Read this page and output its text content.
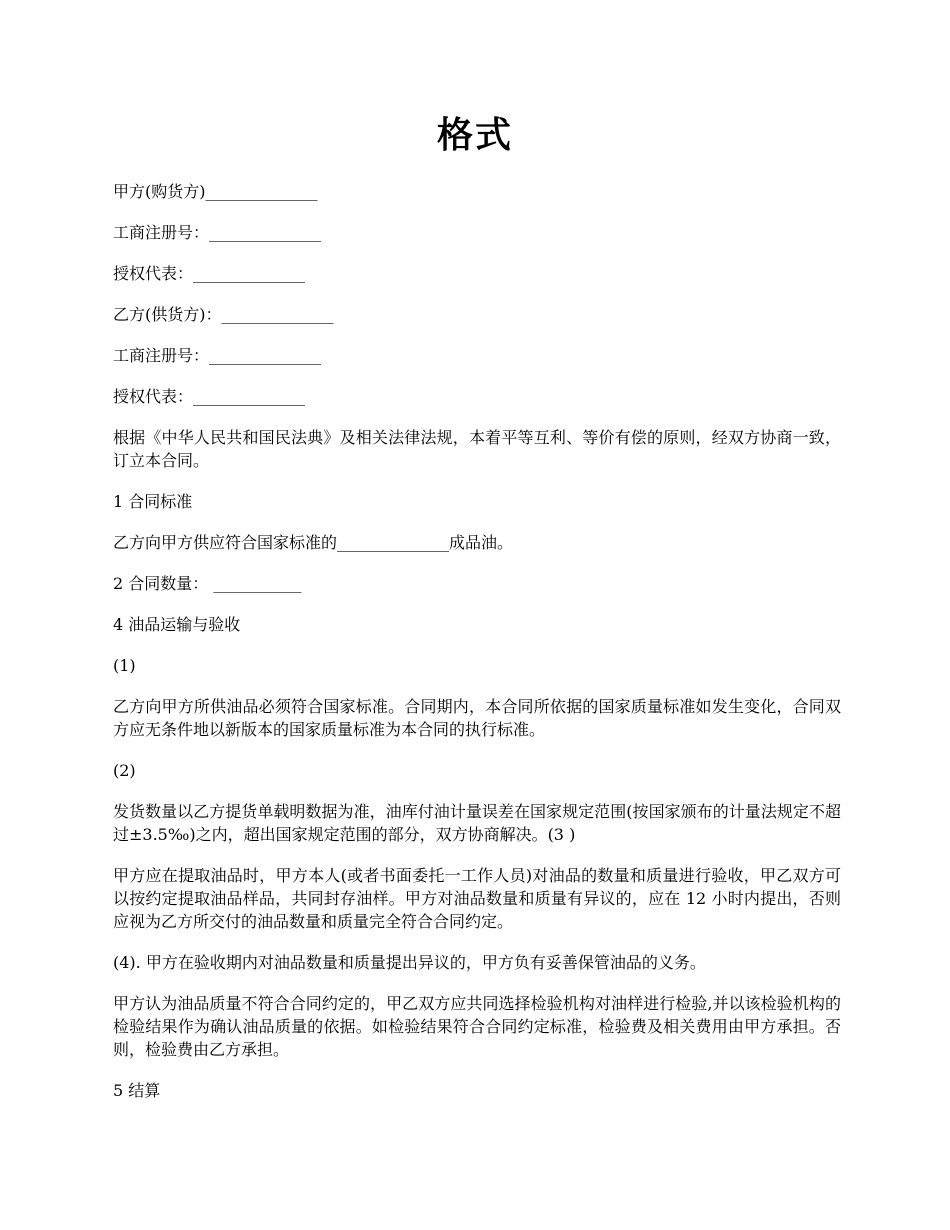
格式

甲方(购货方)______________

工商注册号：______________

授权代表：______________

乙方(供货方)：______________

工商注册号：______________

授权代表：______________

根据《中华人民共和国民法典》及相关法律法规，本着平等互利、等价有偿的原则，经双方协商一致，订立本合同。

1 合同标准

乙方向甲方供应符合国家标准的______________成品油。

2 合同数量： ___________

4 油品运输与验收

(1)

乙方向甲方所供油品必须符合国家标准。合同期内，本合同所依据的国家质量标准如发生变化，合同双方应无条件地以新版本的国家质量标准为本合同的执行标准。

(2)

发货数量以乙方提货单载明数据为准，油库付油计量误差在国家规定范围(按国家颁布的计量法规定不超过±3.5‰)之内，超出国家规定范围的部分，双方协商解决。(3 )

甲方应在提取油品时，甲方本人(或者书面委托一工作人员)对油品的数量和质量进行验收，甲乙双方可以按约定提取油品样品，共同封存油样。甲方对油品数量和质量有异议的，应在 12 小时内提出，否则应视为乙方所交付的油品数量和质量完全符合合同约定。

(4). 甲方在验收期内对油品数量和质量提出异议的，甲方负有妥善保管油品的义务。

甲方认为油品质量不符合合同约定的，甲乙双方应共同选择检验机构对油样进行检验,并以该检验机构的检验结果作为确认油品质量的依据。如检验结果符合合同约定标准，检验费及相关费用由甲方承担。否则，检验费由乙方承担。

5 结算
